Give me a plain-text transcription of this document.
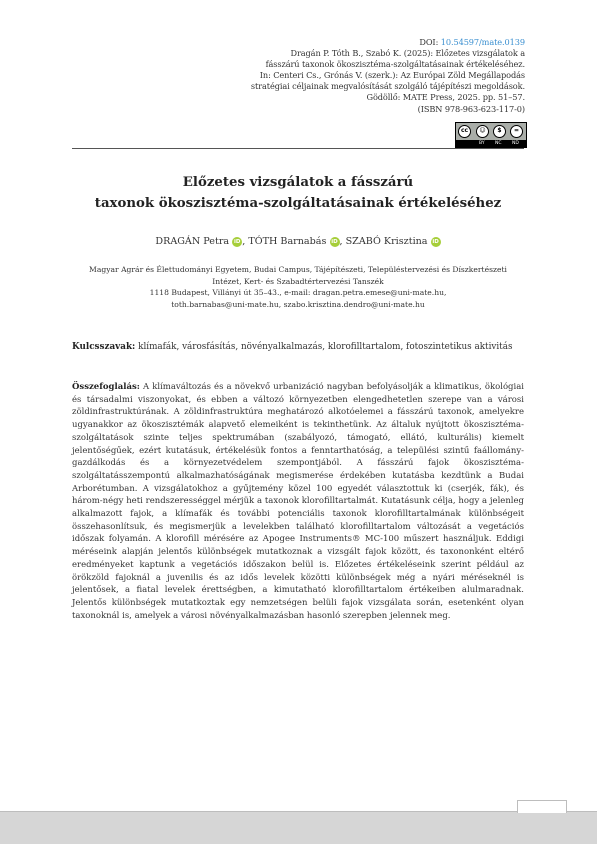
DOI: 10.54597/mate.0139
Dragán P. Tóth B., Szabó K. (2025): Előzetes vizsgálatok a
fásszárú taxonok ökoszisztéma-szolgáltatásainak értékeléséhez.
In: Centeri Cs., Grónás V. (szerk.): Az Európai Zöld Megállapodás
stratégiai céljainak megvalósítását szolgáló tájépítészi megoldások.
Gödöllő: MATE Press, 2025. pp. 51–57.
(ISBN 978-963-623-117-0)
cc	☺	$	=
BY NC ND
Előzetes vizsgálatok a fásszárú
taxonok ökoszisztéma-szolgáltatásainak értékeléséhez
DRAGÁN Petra iD , TÓTH Barnabás iD , SZABÓ Krisztina iD
Magyar Agrár és Élettudományi Egyetem, Budai Campus, Tájépítészeti, Településtervezési és Díszkertészeti
Intézet, Kert- és Szabadtértervezési Tanszék
1118 Budapest, Villányi út 35–43., e-mail: dragan.petra.emese@uni-mate.hu,
toth.barnabas@uni-mate.hu, szabo.krisztina.dendro@uni-mate.hu
Kulcsszavak: klímafák, városfásítás, növényalkalmazás, klorofilltartalom, fotoszintetikus aktivitás
Összefoglalás: A klímaváltozás és a növekvő urbanizáció nagyban befolyásolják a klimatikus, ökológiai és társadalmi viszonyokat, és ebben a változó környezetben elengedhetetlen szerepe van a városi zöldinfrastruktúrának. A zöldinfrastruktúra meghatározó alkotóelemei a fásszárú taxonok, amelyekre ugyanakkor az ökoszisztémák alapvető elemeiként is tekinthetünk. Az általuk nyújtott ökoszisztéma-szolgáltatások szinte teljes spektrumában (szabályozó, támogató, ellátó, kulturális) kiemelt jelentőségűek, ezért kutatásuk, értékelésük fontos a fenntarthatóság, a települési szintű faállomány-gazdálkodás és a környezetvédelem szempontjából. A fásszárú fajok ökoszisztéma-szolgáltatásszempontú alkalmazhatóságának megismerése érdekében kutatásba kezdtünk a Budai Arborétumban. A vizsgálatokhoz a gyűjtemény közel 100 egyedét választottuk ki (cserjék, fák), és három-négy heti rendszerességgel mérjük a taxonok klorofilltartalmát. Kutatásunk célja, hogy a jelenleg alkalmazott fajok, a klímafák és további potenciális taxonok klorofilltartalmának különbségeit összehasonlítsuk, és megismerjük a levelekben található klorofilltartalom változását a vegetációs időszak folyamán. A klorofill mérésére az Apogee Instruments® MC-100 műszert használjuk. Eddigi méréseink alapján jelentős különbségek mutatkoznak a vizsgált fajok között, és taxononként eltérő eredményeket kaptunk a vegetációs időszakon belül is. Előzetes értékeléseink szerint például az örökzöld fajoknál a juvenilis és az idős levelek közötti különbségek még a nyári méréseknél is jelentősek, a fiatal levelek érettségben, a kimutatható klorofilltartalom értékeiben alulmaradnak. Jelentős különbségek mutatkoztak egy nemzetségen belüli fajok vizsgálata során, esetenként olyan taxonoknál is, amelyek a városi növényalkalmazásban hasonló szerepben jelennek meg.
